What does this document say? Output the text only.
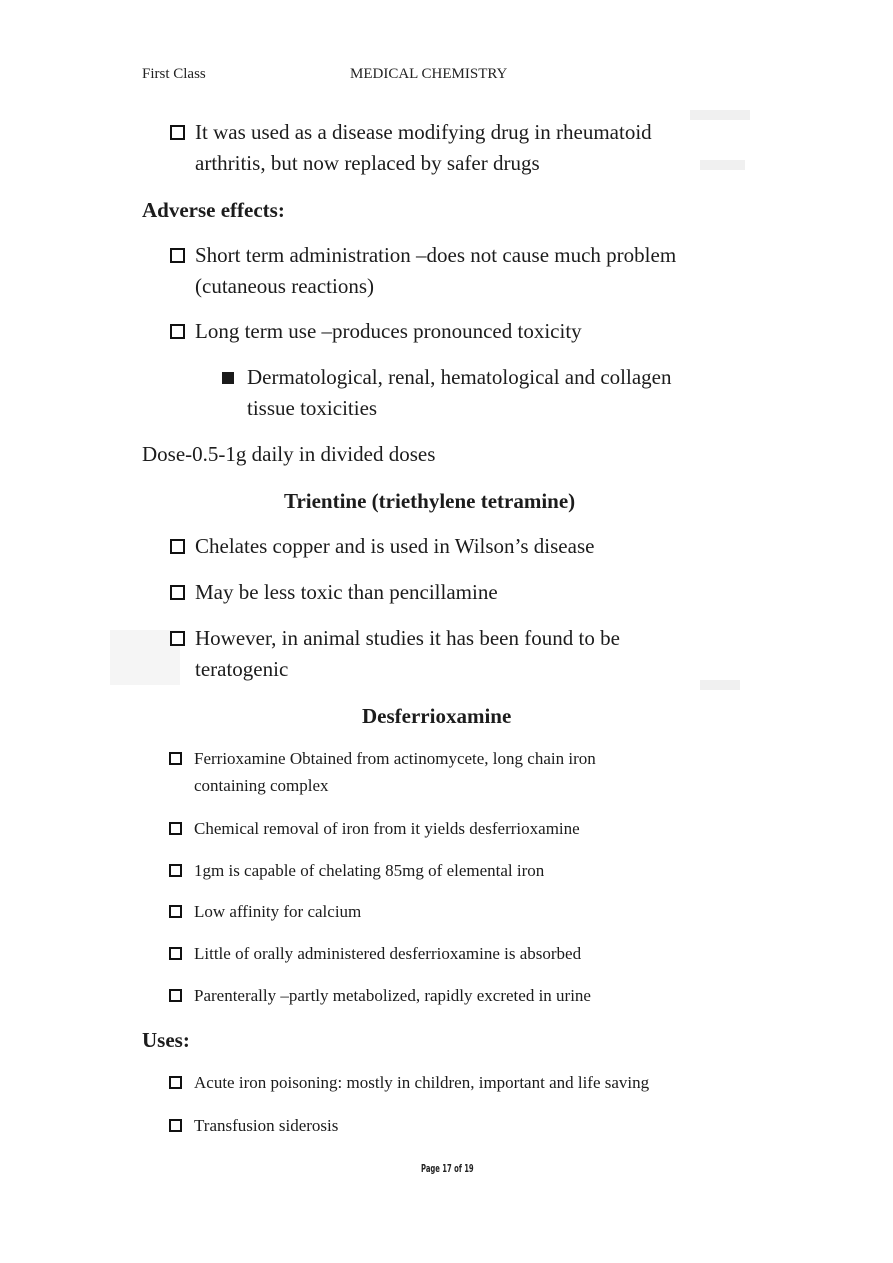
First Class	MEDICAL CHEMISTRY
It was used as a disease modifying drug in rheumatoid
arthritis, but now replaced by safer drugs
Adverse effects:
Short term administration –does not cause much problem
(cutaneous reactions)
Long term use –produces pronounced toxicity
Dermatological, renal, hematological and collagen
tissue toxicities
Dose-0.5-1g daily in divided doses
Trientine (triethylene tetramine)
Chelates copper and is used in Wilson’s disease
May be less toxic than pencillamine
However, in animal studies it has been found to be
teratogenic
Desferrioxamine
Ferrioxamine Obtained from actinomycete, long chain iron
containing complex
Chemical removal of iron from it yields desferrioxamine
1gm is capable of chelating 85mg of elemental iron
Low affinity for calcium
Little of orally administered desferrioxamine is absorbed
Parenterally –partly metabolized, rapidly excreted in urine
Uses:
Acute iron poisoning: mostly in children, important and life saving
Transfusion siderosis
Page 17 of 19
